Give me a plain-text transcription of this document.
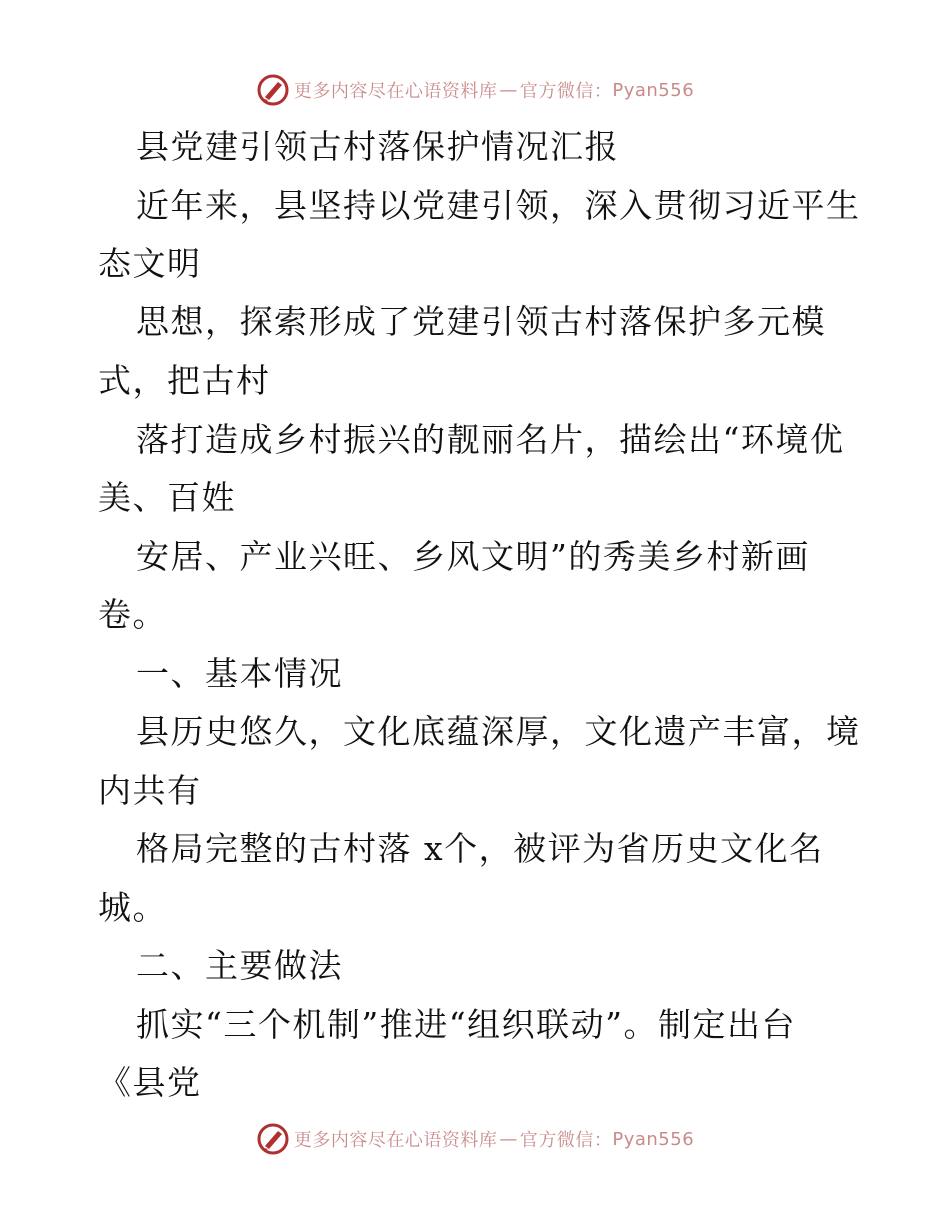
更多内容尽在心语资料库 — 官方微信： Pyan556
县党建引领古村落保护情况汇报
近年来，县坚持以党建引领，深入贯彻习近平生
态文明
思想，探索形成了党建引领古村落保护多元模
式，把古村
落打造成乡村振兴的靓丽名片，描绘出“环境优
美、百姓
安居、产业兴旺、乡风文明”的秀美乡村新画
卷。
一、基本情况
县历史悠久，文化底蕴深厚，文化遗产丰富，境
内共有
格局完整的古村落 x个，被评为省历史文化名
城。
二、主要做法
抓实“三个机制”推进“组织联动”。制定出台
《县党
更多内容尽在心语资料库 — 官方微信： Pyan556
